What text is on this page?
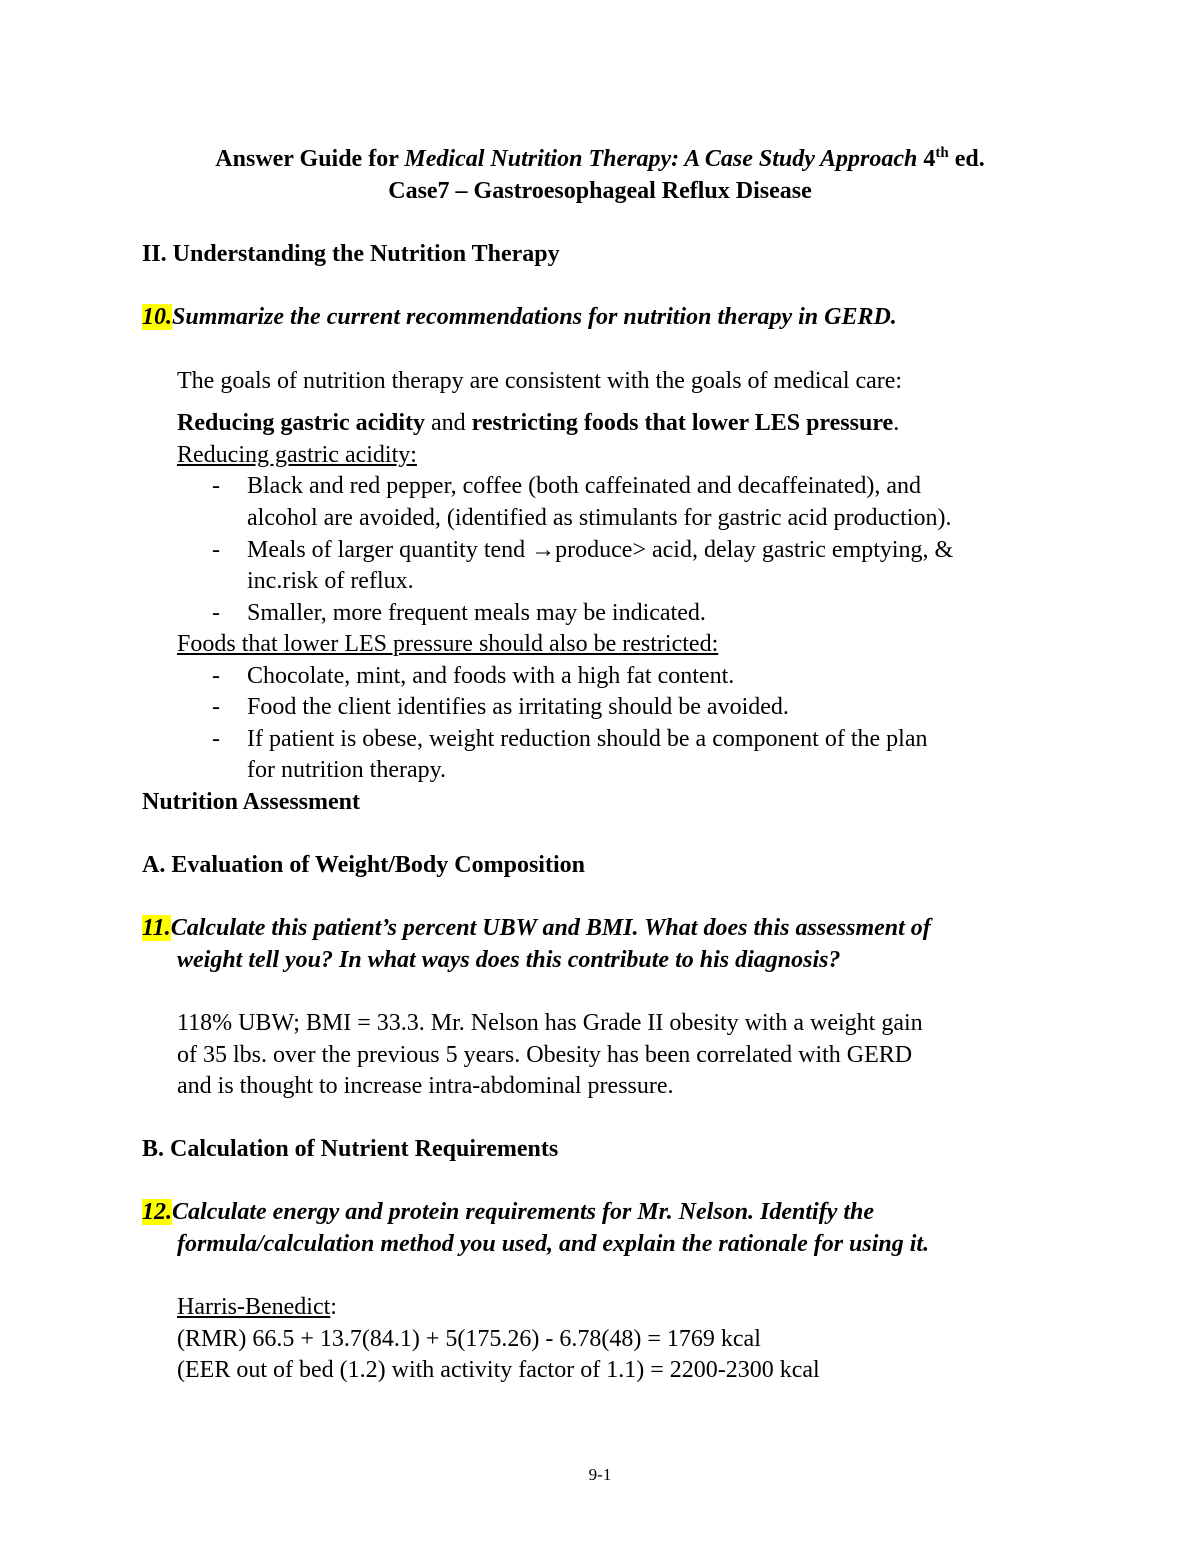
Answer Guide for Medical Nutrition Therapy: A Case Study Approach 4th ed.
Case7 – Gastroesophageal Reflux Disease
II. Understanding the Nutrition Therapy
10.Summarize the current recommendations for nutrition therapy in GERD.
The goals of nutrition therapy are consistent with the goals of medical care:
Reducing gastric acidity and restricting foods that lower LES pressure.
Reducing gastric acidity:
- Black and red pepper, coffee (both caffeinated and decaffeinated), and
alcohol are avoided, (identified as stimulants for gastric acid production).
- Meals of larger quantity tend →produce> acid, delay gastric emptying, &
inc.risk of reflux.
- Smaller, more frequent meals may be indicated.
Foods that lower LES pressure should also be restricted:
- Chocolate, mint, and foods with a high fat content.
- Food the client identifies as irritating should be avoided.
- If patient is obese, weight reduction should be a component of the plan
for nutrition therapy.
Nutrition Assessment
A. Evaluation of Weight/Body Composition
11.Calculate this patient’s percent UBW and BMI. What does this assessment of
weight tell you? In what ways does this contribute to his diagnosis?
118% UBW; BMI = 33.3. Mr. Nelson has Grade II obesity with a weight gain
of 35 lbs. over the previous 5 years. Obesity has been correlated with GERD
and is thought to increase intra-abdominal pressure.
B. Calculation of Nutrient Requirements
12.Calculate energy and protein requirements for Mr. Nelson. Identify the
formula/calculation method you used, and explain the rationale for using it.
Harris-Benedict:
(RMR) 66.5 + 13.7(84.1) + 5(175.26) - 6.78(48) = 1769 kcal
(EER out of bed (1.2) with activity factor of 1.1) = 2200-2300 kcal
9-1
